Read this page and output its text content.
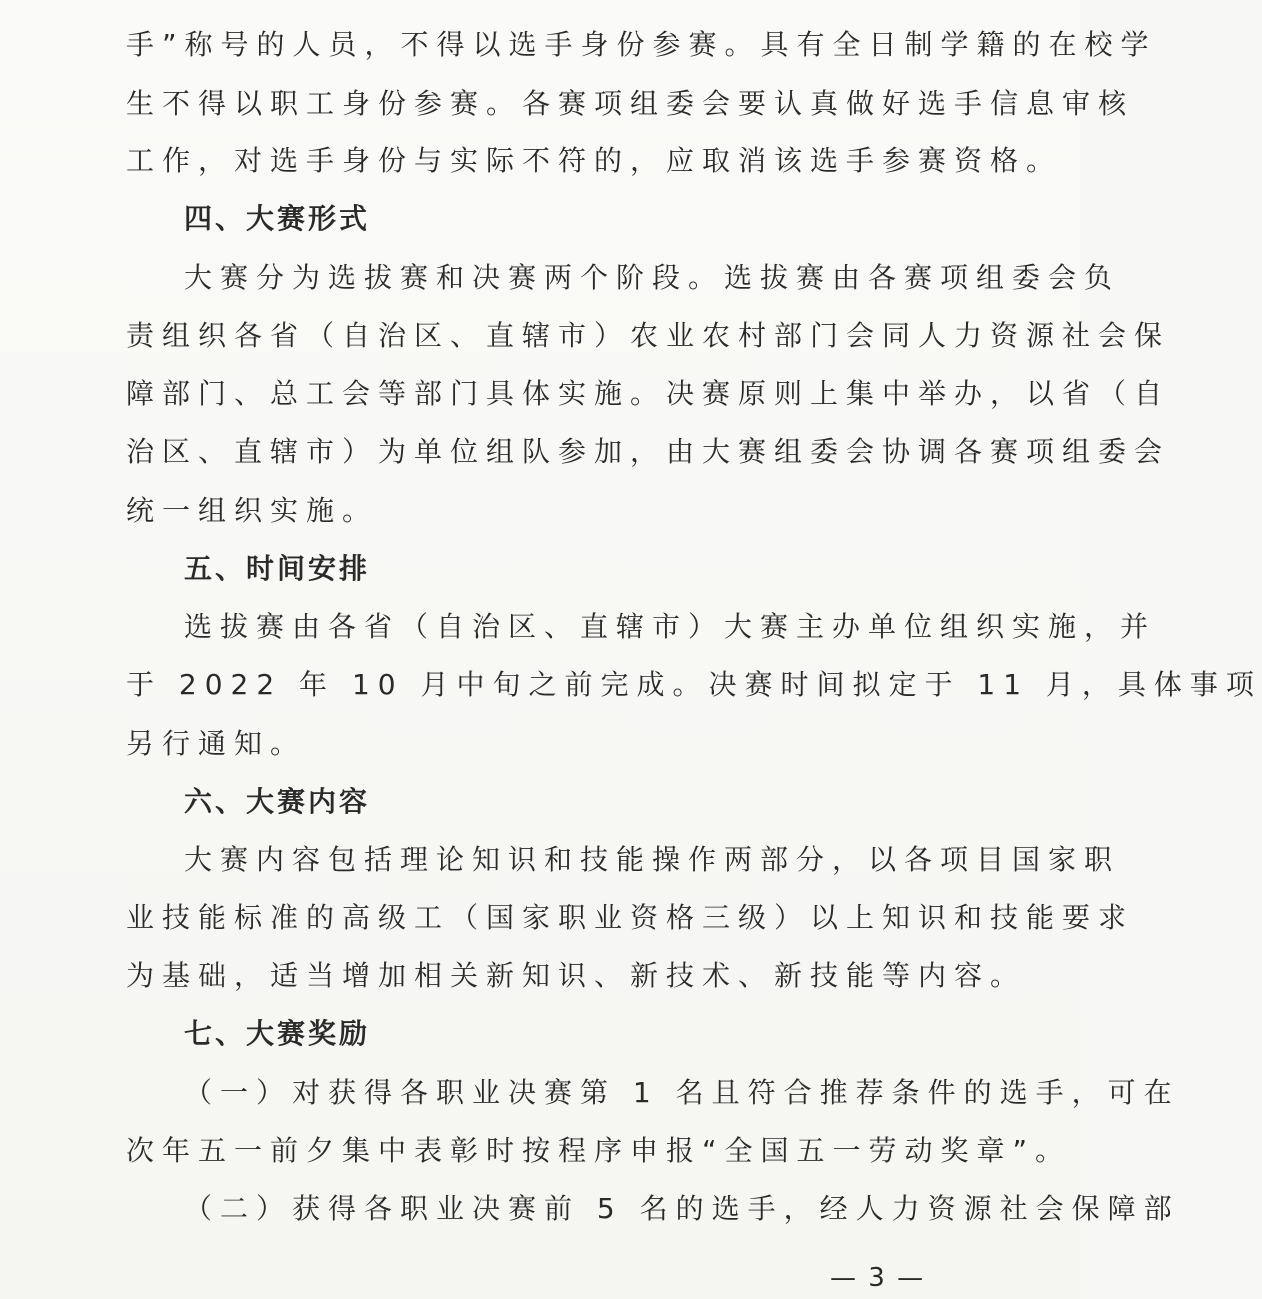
手”称号的人员，不得以选手身份参赛。具有全日制学籍的在校学
生不得以职工身份参赛。各赛项组委会要认真做好选手信息审核
工作，对选手身份与实际不符的，应取消该选手参赛资格。
四、大赛形式
大赛分为选拔赛和决赛两个阶段。选拔赛由各赛项组委会负
责组织各省（自治区、直辖市）农业农村部门会同人力资源社会保
障部门、总工会等部门具体实施。决赛原则上集中举办，以省（自
治区、直辖市）为单位组队参加，由大赛组委会协调各赛项组委会
统一组织实施。
五、时间安排
选拔赛由各省（自治区、直辖市）大赛主办单位组织实施，并
于 2022 年 10 月中旬之前完成。决赛时间拟定于 11 月，具体事项
另行通知。
六、大赛内容
大赛内容包括理论知识和技能操作两部分，以各项目国家职
业技能标准的高级工（国家职业资格三级）以上知识和技能要求
为基础，适当增加相关新知识、新技术、新技能等内容。
七、大赛奖励
（一）对获得各职业决赛第 1 名且符合推荐条件的选手，可在
次年五一前夕集中表彰时按程序申报“全国五一劳动奖章”。
（二）获得各职业决赛前 5 名的选手，经人力资源社会保障部
— 3 —
